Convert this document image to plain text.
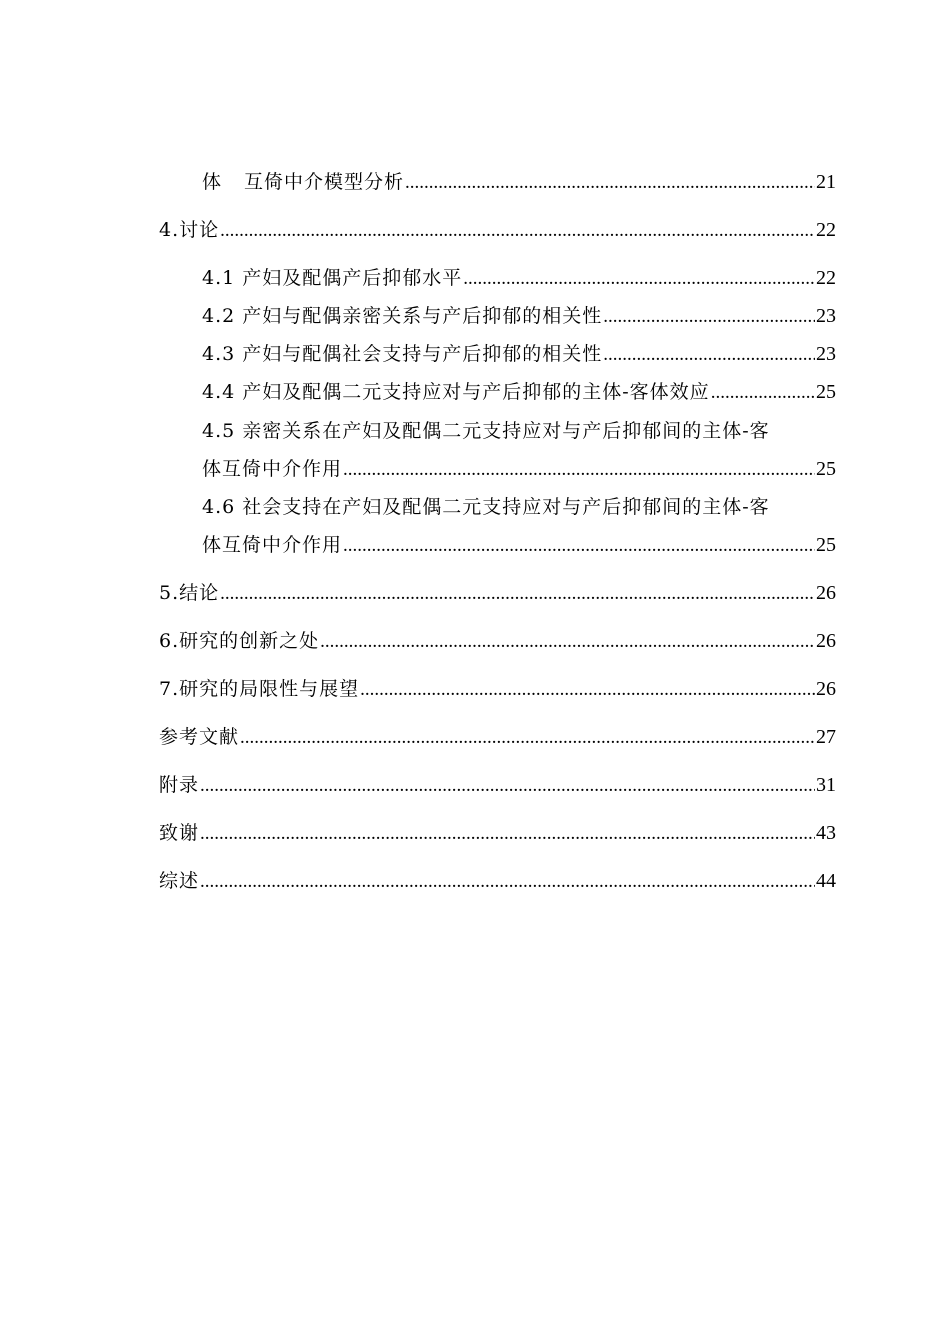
体 互倚中介模型分析 .....	21
4.讨论 .....	22
4.1 产妇及配偶产后抑郁水平 .....	22
4.2 产妇与配偶亲密关系与产后抑郁的相关性 .....	23
4.3 产妇与配偶社会支持与产后抑郁的相关性 .....	23
4.4 产妇及配偶二元支持应对与产后抑郁的主体-客体效应 .....	25
4.5 亲密关系在产妇及配偶二元支持应对与产后抑郁间的主体-客
体互倚中介作用 .....	25
4.6 社会支持在产妇及配偶二元支持应对与产后抑郁间的主体-客
体互倚中介作用 .....	25
5.结论 .....	26
6.研究的创新之处 .....	26
7.研究的局限性与展望 .....	26
参考文献 .....	27
附录 .....	31
致谢 .....	43
综述 .....	44
